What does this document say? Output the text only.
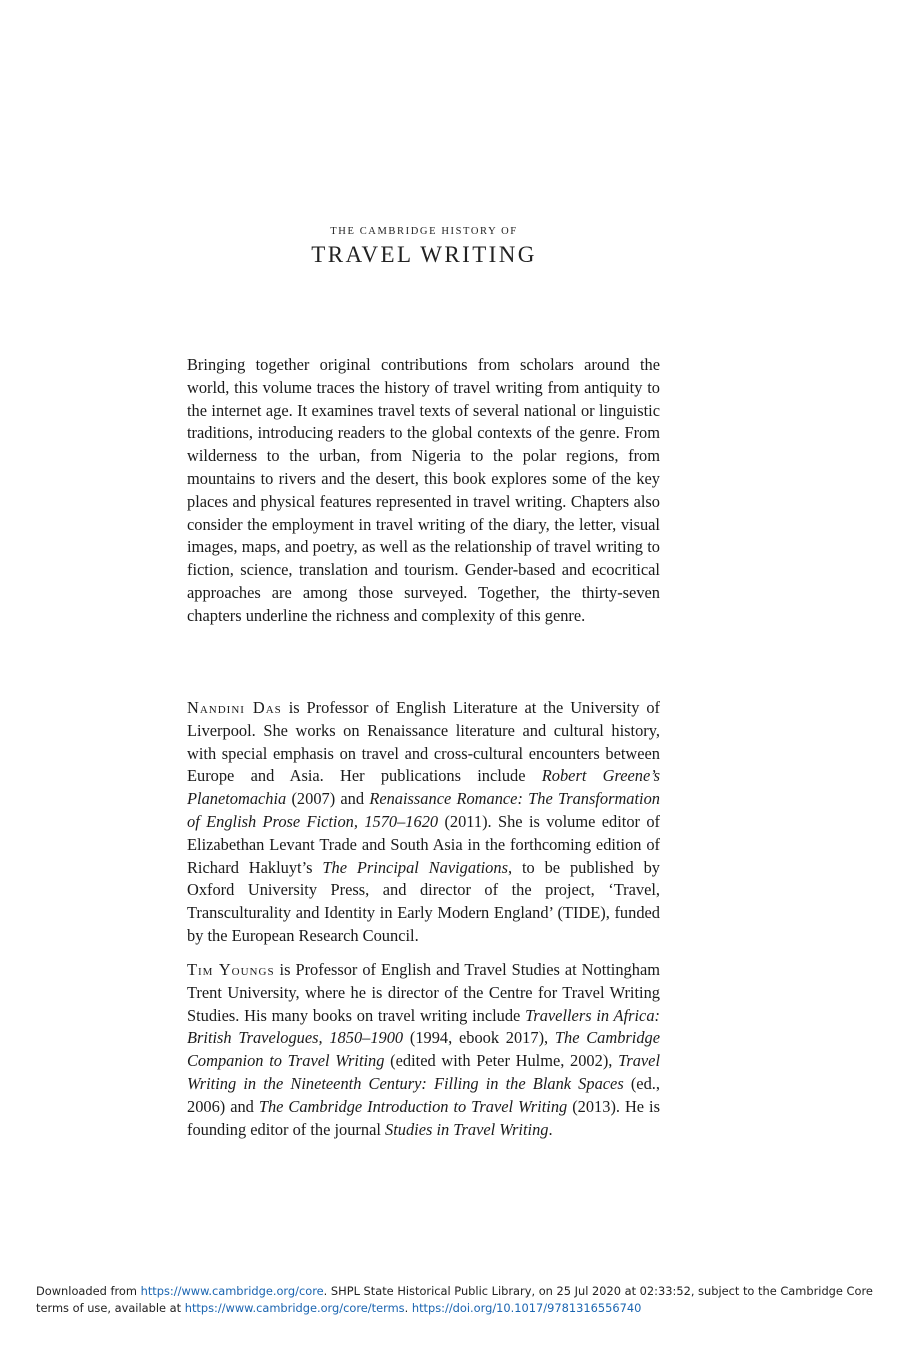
THE CAMBRIDGE HISTORY OF
TRAVEL WRITING

Bringing together original contributions from scholars around the world, this volume traces the history of travel writing from antiquity to the internet age. It examines travel texts of several national or linguistic traditions, introducing readers to the global contexts of the genre. From wilderness to the urban, from Nigeria to the polar regions, from mountains to rivers and the desert, this book explores some of the key places and physical features represented in travel writing. Chapters also consider the employment in travel writing of the diary, the letter, visual images, maps, and poetry, as well as the relationship of travel writing to fiction, science, translation and tourism. Gender-based and ecocritical approaches are among those surveyed. Together, the thirty-seven chapters underline the richness and complexity of this genre.

Nandini Das is Professor of English Literature at the University of Liverpool. She works on Renaissance literature and cultural history, with special emphasis on travel and cross-cultural encounters between Europe and Asia. Her publications include Robert Greene’s Planetomachia (2007) and Renaissance Romance: The Transformation of English Prose Fiction, 1570–1620 (2011). She is volume editor of Elizabethan Levant Trade and South Asia in the forthcoming edition of Richard Hakluyt’s The Principal Navigations, to be published by Oxford University Press, and director of the project, ‘Travel, Transculturality and Identity in Early Modern England’ (TIDE), funded by the European Research Council.

Tim Youngs is Professor of English and Travel Studies at Nottingham Trent University, where he is director of the Centre for Travel Writing Studies. His many books on travel writing include Travellers in Africa: British Travelogues, 1850–1900 (1994, ebook 2017), The Cambridge Companion to Travel Writing (edited with Peter Hulme, 2002), Travel Writing in the Nineteenth Century: Filling in the Blank Spaces (ed., 2006) and The Cambridge Introduction to Travel Writing (2013). He is founding editor of the journal Studies in Travel Writing.

Downloaded from https://www.cambridge.org/core. SHPL State Historical Public Library, on 25 Jul 2020 at 02:33:52, subject to the Cambridge Core terms of use, available at https://www.cambridge.org/core/terms. https://doi.org/10.1017/9781316556740
